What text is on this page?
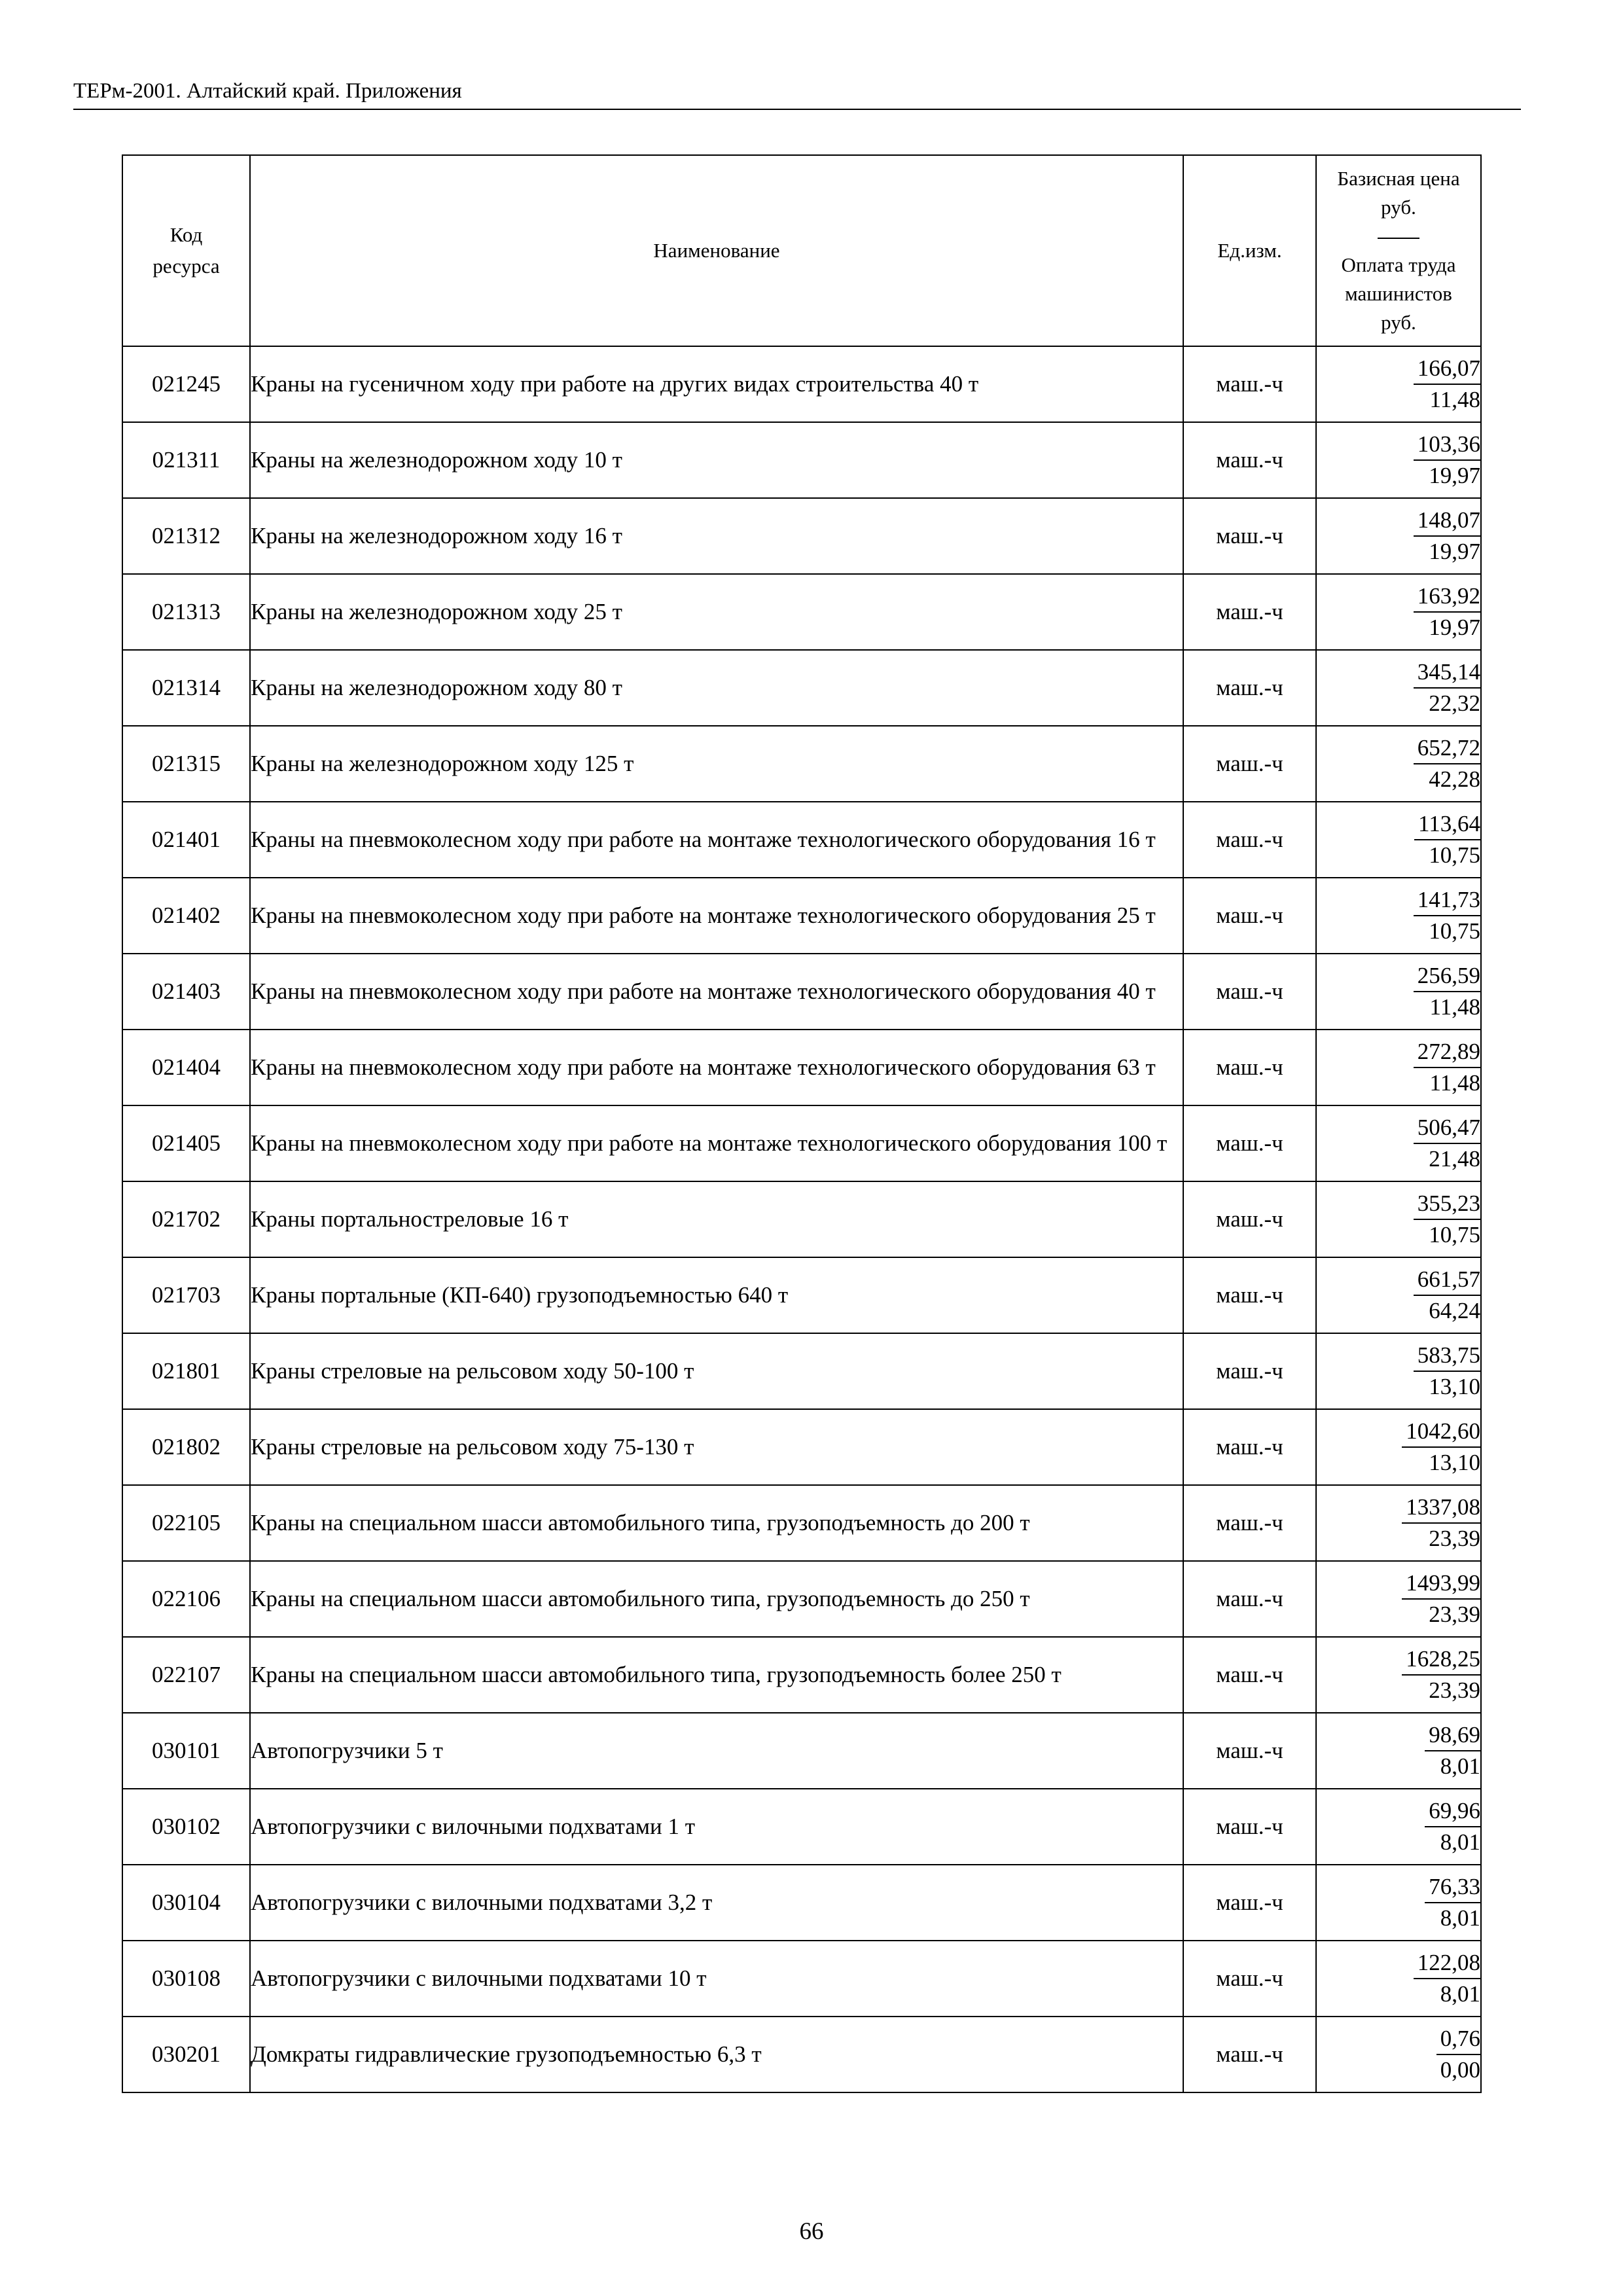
ТЕРм-2001. Алтайский край. Приложения
Код ресурса	Наименование	Ед.изм.	Базисная цена
руб.
Оплата труда
машинистов
руб.

021245	Краны на гусеничном ходу при работе на других видах строительства 40 т	маш.-ч	$\frac{166,07}{11,48}$

021311	Краны на железнодорожном ходу 10 т	маш.-ч	$\frac{103,36}{19,97}$

021312	Краны на железнодорожном ходу 16 т	маш.-ч	$\frac{148,07}{19,97}$

021313	Краны на железнодорожном ходу 25 т	маш.-ч	$\frac{163,92}{19,97}$

021314	Краны на железнодорожном ходу 80 т	маш.-ч	$\frac{345,14}{22,32}$

021315	Краны на железнодорожном ходу 125 т	маш.-ч	$\frac{652,72}{42,28}$

021401	Краны на пневмоколесном ходу при работе на монтаже технологического оборудования 16 т	маш.-ч	$\frac{113,64}{10,75}$

021402	Краны на пневмоколесном ходу при работе на монтаже технологического оборудования 25 т	маш.-ч	$\frac{141,73}{10,75}$

021403	Краны на пневмоколесном ходу при работе на монтаже технологического оборудования 40 т	маш.-ч	$\frac{256,59}{11,48}$

021404	Краны на пневмоколесном ходу при работе на монтаже технологического оборудования 63 т	маш.-ч	$\frac{272,89}{11,48}$

021405	Краны на пневмоколесном ходу при работе на монтаже технологического оборудования 100 т	маш.-ч	$\frac{506,47}{21,48}$

021702	Краны портальнострелoвые 16 т	маш.-ч	$\frac{355,23}{10,75}$

021703	Краны портальные (КП-640) грузоподъемностью 640 т	маш.-ч	$\frac{661,57}{64,24}$

021801	Краны стреловые на рельсовом ходу 50-100 т	маш.-ч	$\frac{583,75}{13,10}$

021802	Краны стреловые на рельсовом ходу 75-130 т	маш.-ч	$\frac{1042,60}{13,10}$

022105	Краны на специальном шасси автомобильного типа, грузоподъемность до 200 т	маш.-ч	$\frac{1337,08}{23,39}$

022106	Краны на специальном шасси автомобильного типа, грузоподъемность до 250 т	маш.-ч	$\frac{1493,99}{23,39}$

022107	Краны на специальном шасси автомобильного типа, грузоподъемность более 250 т	маш.-ч	$\frac{1628,25}{23,39}$

030101	Автопогрузчики 5 т	маш.-ч	$\frac{98,69}{8,01}$

030102	Автопогрузчики с вилочными подхватами 1 т	маш.-ч	$\frac{69,96}{8,01}$

030104	Автопогрузчики с вилочными подхватами 3,2 т	маш.-ч	$\frac{76,33}{8,01}$

030108	Автопогрузчики с вилочными подхватами 10 т	маш.-ч	$\frac{122,08}{8,01}$

030201	Домкраты гидравлические грузоподъемностью 6,3 т	маш.-ч	$\frac{0,76}{0,00}$
66
